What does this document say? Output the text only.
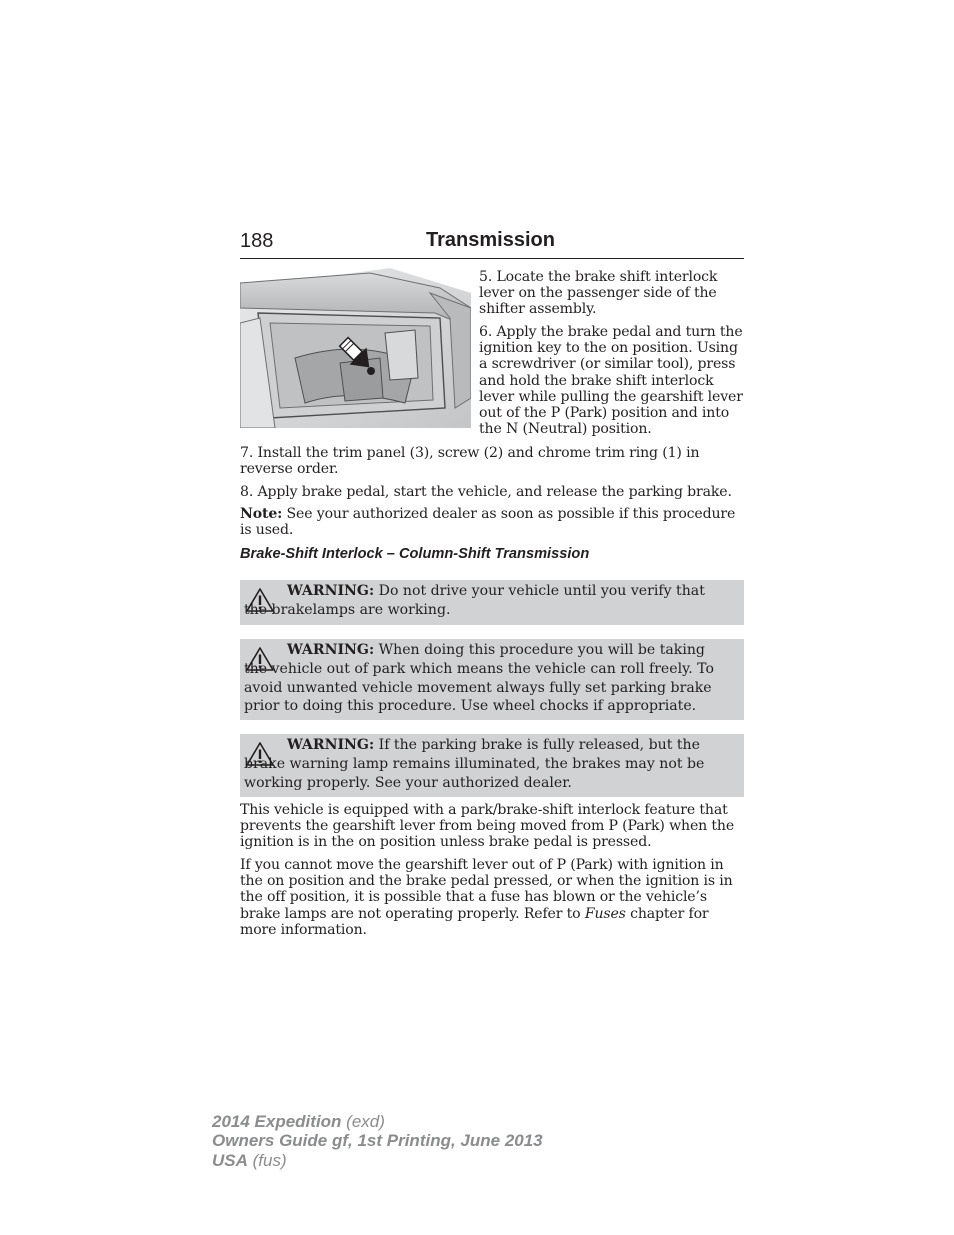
188	Transmission

5. Locate the brake shift interlock lever on the passenger side of the shifter assembly.

6. Apply the brake pedal and turn the ignition key to the on position. Using a screwdriver (or similar tool), press and hold the brake shift interlock lever while pulling the gearshift lever out of the P (Park) position and into the N (Neutral) position.

7. Install the trim panel (3), screw (2) and chrome trim ring (1) in reverse order.

8. Apply brake pedal, start the vehicle, and release the parking brake.

Note: See your authorized dealer as soon as possible if this procedure is used.

Brake-Shift Interlock – Column-Shift Transmission
WARNING: Do not drive your vehicle until you verify that the brakelamps are working.
WARNING: When doing this procedure you will be taking the vehicle out of park which means the vehicle can roll freely. To avoid unwanted vehicle movement always fully set parking brake prior to doing this procedure. Use wheel chocks if appropriate.
WARNING: If the parking brake is fully released, but the brake warning lamp remains illuminated, the brakes may not be working properly. See your authorized dealer.

This vehicle is equipped with a park/brake-shift interlock feature that prevents the gearshift lever from being moved from P (Park) when the ignition is in the on position unless brake pedal is pressed.

If you cannot move the gearshift lever out of P (Park) with ignition in the on position and the brake pedal pressed, or when the ignition is in the off position, it is possible that a fuse has blown or the vehicle’s brake lamps are not operating properly. Refer to Fuses chapter for more information.

2014 Expedition (exd)
Owners Guide gf, 1st Printing, June 2013
USA (fus)
